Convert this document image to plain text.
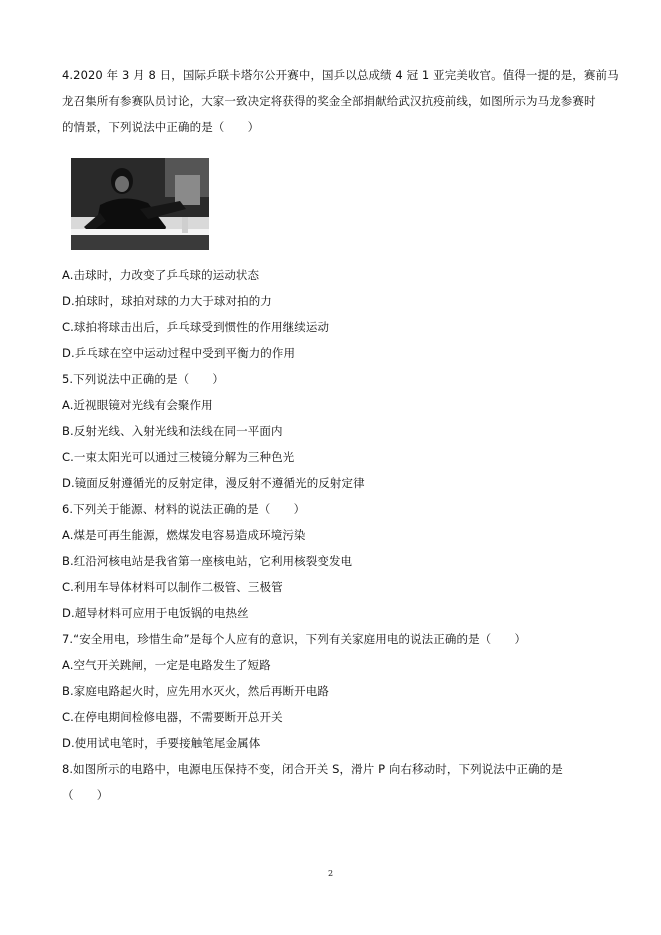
4.2020 年 3 月 8 日，国际乒联卡塔尔公开赛中，国乒以总成绩 4 冠 1 亚完美收官。值得一提的是，赛前马
龙召集所有参赛队员讨论，大家一致决定将获得的奖金全部捐献给武汉抗疫前线，如图所示为马龙参赛时
的情景，下列说法中正确的是（　　）
A.击球时，力改变了乒乓球的运动状态
D.拍球时，球拍对球的力大于球对拍的力
C.球拍将球击出后，乒乓球受到惯性的作用继续运动
D.乒乓球在空中运动过程中受到平衡力的作用
5.下列说法中正确的是（　　）
A.近视眼镜对光线有会聚作用
B.反射光线、入射光线和法线在同一平面内
C.一束太阳光可以通过三棱镜分解为三种色光
D.镜面反射遵循光的反射定律，漫反射不遵循光的反射定律
6.下列关于能源、材料的说法正确的是（　　）
A.煤是可再生能源，燃煤发电容易造成环境污染
B.红沿河核电站是我省第一座核电站，它利用核裂变发电
C.利用车导体材料可以制作二极管、三极管
D.超导材料可应用于电饭锅的电热丝
7.“安全用电，珍惜生命”是每个人应有的意识，下列有关家庭用电的说法正确的是（　　）
A.空气开关跳闸，一定是电路发生了短路
B.家庭电路起火时，应先用水灭火，然后再断开电路
C.在停电期间检修电器，不需要断开总开关
D.使用试电笔时，手要接触笔尾金属体
8.如图所示的电路中，电源电压保持不变，闭合开关 S，滑片 P 向右移动时，下列说法中正确的是
（　　）
2
